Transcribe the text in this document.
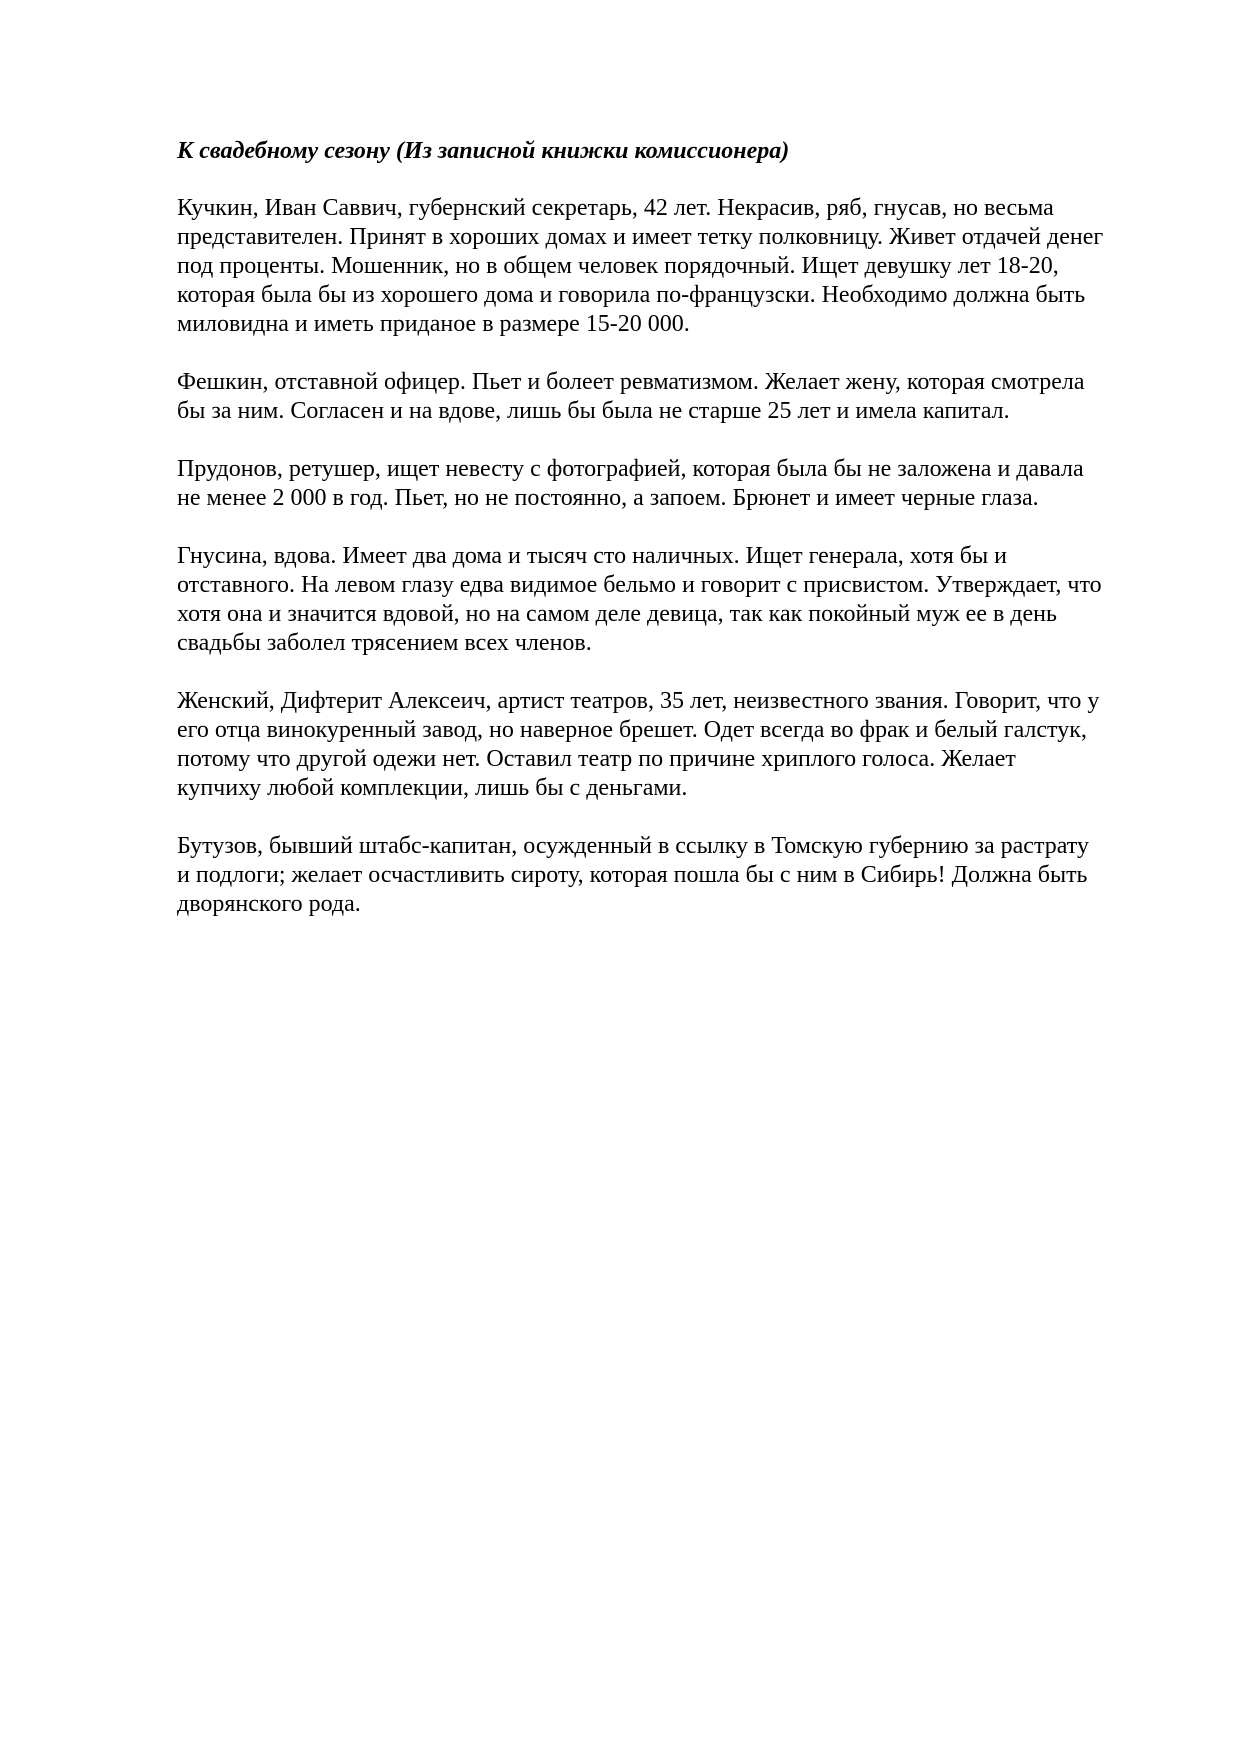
К свадебному сезону (Из записной книжки комиссионера)

Кучкин, Иван Саввич, губернский секретарь, 42 лет. Некрасив, ряб, гнусав, но весьма
представителен. Принят в хороших домах и имеет тетку полковницу. Живет отдачей денег
под проценты. Мошенник, но в общем человек порядочный. Ищет девушку лет 18-20,
которая была бы из хорошего дома и говорила по-французски. Необходимо должна быть
миловидна и иметь приданое в размере 15-20 000.

Фешкин, отставной офицер. Пьет и болеет ревматизмом. Желает жену, которая смотрела
бы за ним. Согласен и на вдове, лишь бы была не старше 25 лет и имела капитал.

Прудонов, ретушер, ищет невесту с фотографией, которая была бы не заложена и давала
не менее 2 000 в год. Пьет, но не постоянно, а запоем. Брюнет и имеет черные глаза.

Гнусина, вдова. Имеет два дома и тысяч сто наличных. Ищет генерала, хотя бы и
отставного. На левом глазу едва видимое бельмо и говорит с присвистом. Утверждает, что
хотя она и значится вдовой, но на самом деле девица, так как покойный муж ее в день
свадьбы заболел трясением всех членов.

Женский, Дифтерит Алексеич, артист театров, 35 лет, неизвестного звания. Говорит, что у
его отца винокуренный завод, но наверное брешет. Одет всегда во фрак и белый галстук,
потому что другой одежи нет. Оставил театр по причине хриплого голоса. Желает
купчиху любой комплекции, лишь бы с деньгами.

Бутузов, бывший штабс-капитан, осужденный в ссылку в Томскую губернию за растрату
и подлоги; желает осчастливить сироту, которая пошла бы с ним в Сибирь! Должна быть
дворянского рода.
